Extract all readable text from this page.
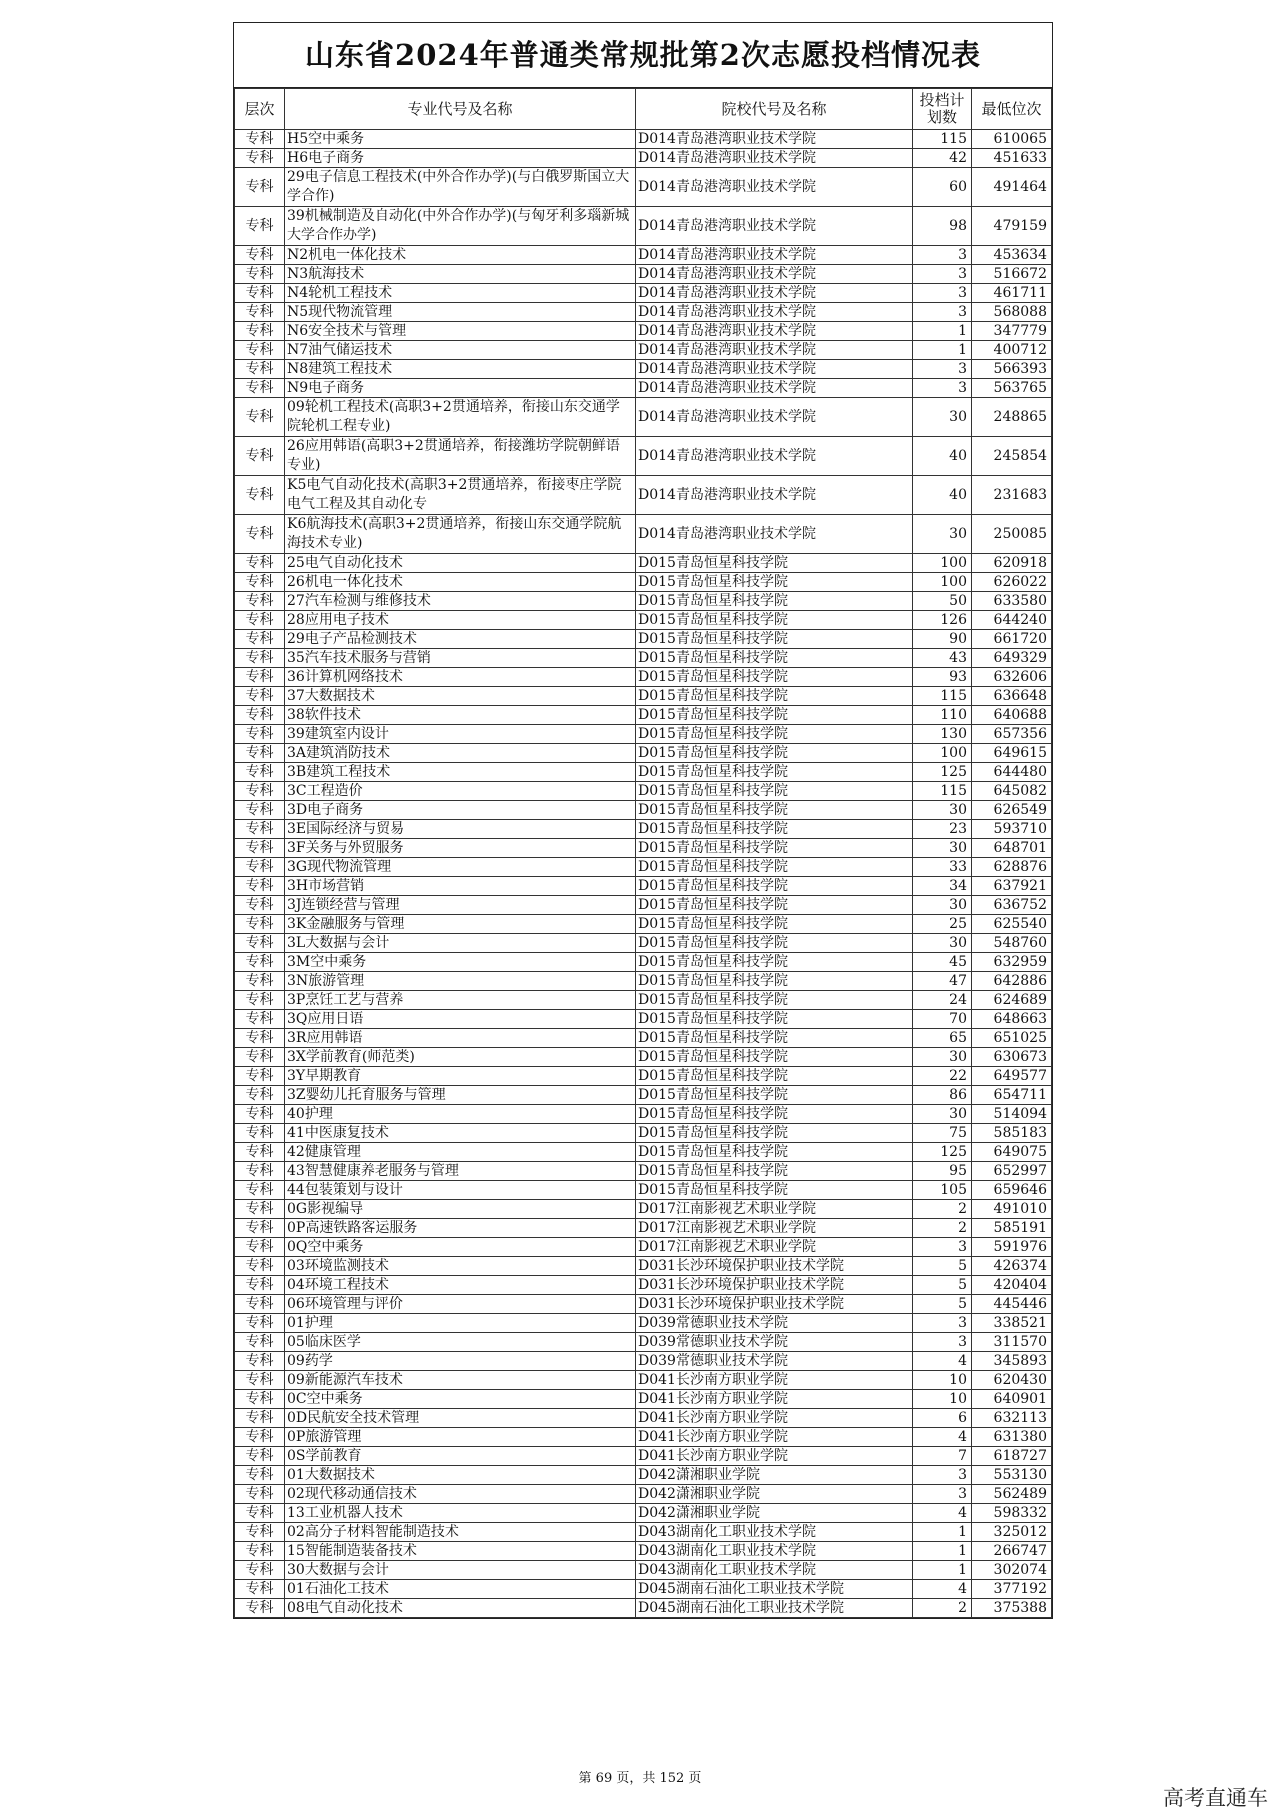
山东省2024年普通类常规批第2次志愿投档情况表
层次	专业代号及名称	院校代号及名称	投档计划数	最低位次
专科	H5空中乘务	D014青岛港湾职业技术学院	115	610065
专科	H6电子商务	D014青岛港湾职业技术学院	42	451633
专科	29电子信息工程技术(中外合作办学)(与白俄罗斯国立大学合作)	D014青岛港湾职业技术学院	60	491464
专科	39机械制造及自动化(中外合作办学)(与匈牙利多瑙新城大学合作办学)	D014青岛港湾职业技术学院	98	479159
专科	N2机电一体化技术	D014青岛港湾职业技术学院	3	453634
专科	N3航海技术	D014青岛港湾职业技术学院	3	516672
专科	N4轮机工程技术	D014青岛港湾职业技术学院	3	461711
专科	N5现代物流管理	D014青岛港湾职业技术学院	3	568088
专科	N6安全技术与管理	D014青岛港湾职业技术学院	1	347779
专科	N7油气储运技术	D014青岛港湾职业技术学院	1	400712
专科	N8建筑工程技术	D014青岛港湾职业技术学院	3	566393
专科	N9电子商务	D014青岛港湾职业技术学院	3	563765
专科	09轮机工程技术(高职3+2贯通培养，衔接山东交通学院轮机工程专业)	D014青岛港湾职业技术学院	30	248865
专科	26应用韩语(高职3+2贯通培养，衔接潍坊学院朝鲜语专业)	D014青岛港湾职业技术学院	40	245854
专科	K5电气自动化技术(高职3+2贯通培养，衔接枣庄学院电气工程及其自动化专	D014青岛港湾职业技术学院	40	231683
专科	K6航海技术(高职3+2贯通培养，衔接山东交通学院航海技术专业)	D014青岛港湾职业技术学院	30	250085
专科	25电气自动化技术	D015青岛恒星科技学院	100	620918
专科	26机电一体化技术	D015青岛恒星科技学院	100	626022
专科	27汽车检测与维修技术	D015青岛恒星科技学院	50	633580
专科	28应用电子技术	D015青岛恒星科技学院	126	644240
专科	29电子产品检测技术	D015青岛恒星科技学院	90	661720
专科	35汽车技术服务与营销	D015青岛恒星科技学院	43	649329
专科	36计算机网络技术	D015青岛恒星科技学院	93	632606
专科	37大数据技术	D015青岛恒星科技学院	115	636648
专科	38软件技术	D015青岛恒星科技学院	110	640688
专科	39建筑室内设计	D015青岛恒星科技学院	130	657356
专科	3A建筑消防技术	D015青岛恒星科技学院	100	649615
专科	3B建筑工程技术	D015青岛恒星科技学院	125	644480
专科	3C工程造价	D015青岛恒星科技学院	115	645082
专科	3D电子商务	D015青岛恒星科技学院	30	626549
专科	3E国际经济与贸易	D015青岛恒星科技学院	23	593710
专科	3F关务与外贸服务	D015青岛恒星科技学院	30	648701
专科	3G现代物流管理	D015青岛恒星科技学院	33	628876
专科	3H市场营销	D015青岛恒星科技学院	34	637921
专科	3J连锁经营与管理	D015青岛恒星科技学院	30	636752
专科	3K金融服务与管理	D015青岛恒星科技学院	25	625540
专科	3L大数据与会计	D015青岛恒星科技学院	30	548760
专科	3M空中乘务	D015青岛恒星科技学院	45	632959
专科	3N旅游管理	D015青岛恒星科技学院	47	642886
专科	3P烹饪工艺与营养	D015青岛恒星科技学院	24	624689
专科	3Q应用日语	D015青岛恒星科技学院	70	648663
专科	3R应用韩语	D015青岛恒星科技学院	65	651025
专科	3X学前教育(师范类)	D015青岛恒星科技学院	30	630673
专科	3Y早期教育	D015青岛恒星科技学院	22	649577
专科	3Z婴幼儿托育服务与管理	D015青岛恒星科技学院	86	654711
专科	40护理	D015青岛恒星科技学院	30	514094
专科	41中医康复技术	D015青岛恒星科技学院	75	585183
专科	42健康管理	D015青岛恒星科技学院	125	649075
专科	43智慧健康养老服务与管理	D015青岛恒星科技学院	95	652997
专科	44包装策划与设计	D015青岛恒星科技学院	105	659646
专科	0G影视编导	D017江南影视艺术职业学院	2	491010
专科	0P高速铁路客运服务	D017江南影视艺术职业学院	2	585191
专科	0Q空中乘务	D017江南影视艺术职业学院	3	591976
专科	03环境监测技术	D031长沙环境保护职业技术学院	5	426374
专科	04环境工程技术	D031长沙环境保护职业技术学院	5	420404
专科	06环境管理与评价	D031长沙环境保护职业技术学院	5	445446
专科	01护理	D039常德职业技术学院	3	338521
专科	05临床医学	D039常德职业技术学院	3	311570
专科	09药学	D039常德职业技术学院	4	345893
专科	09新能源汽车技术	D041长沙南方职业学院	10	620430
专科	0C空中乘务	D041长沙南方职业学院	10	640901
专科	0D民航安全技术管理	D041长沙南方职业学院	6	632113
专科	0P旅游管理	D041长沙南方职业学院	4	631380
专科	0S学前教育	D041长沙南方职业学院	7	618727
专科	01大数据技术	D042潇湘职业学院	3	553130
专科	02现代移动通信技术	D042潇湘职业学院	3	562489
专科	13工业机器人技术	D042潇湘职业学院	4	598332
专科	02高分子材料智能制造技术	D043湖南化工职业技术学院	1	325012
专科	15智能制造装备技术	D043湖南化工职业技术学院	1	266747
专科	30大数据与会计	D043湖南化工职业技术学院	1	302074
专科	01石油化工技术	D045湖南石油化工职业技术学院	4	377192
专科	08电气自动化技术	D045湖南石油化工职业技术学院	2	375388
第 69 页，共 152 页
高考直通车
